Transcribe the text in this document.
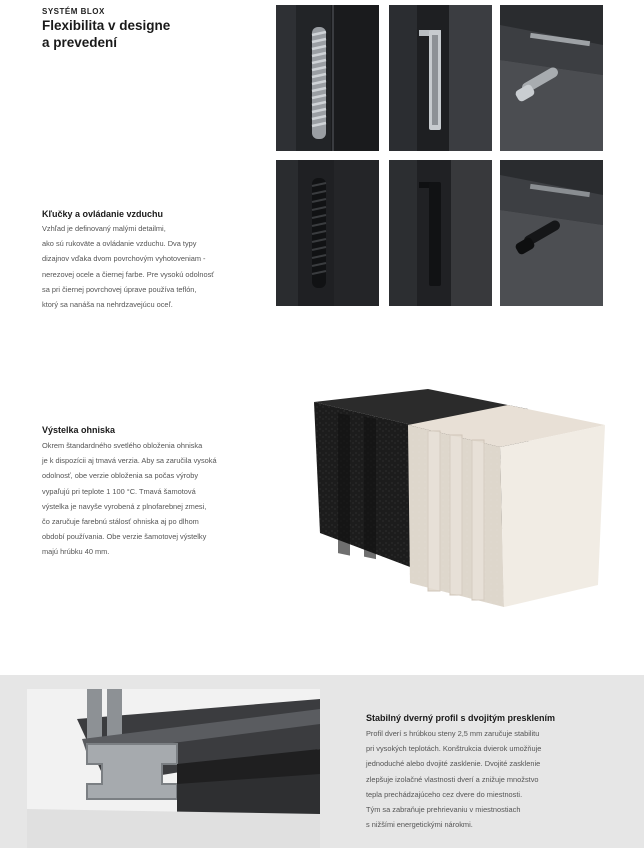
SYSTÉM BLOX
Flexibilita v designe
a prevedení
Kľučky a ovládanie vzduchu

Vzhľad je definovaný malými detailmi,

ako sú rukoväte a ovládanie vzduchu. Dva typy

dizajnov vďaka dvom povrchovým vyhotoveniam -

nerezovej ocele a čiernej farbe. Pre vysokú odolnosť

sa pri čiernej povrchovej úprave používa teflón,

ktorý sa nanáša na nehrdzavejúcu oceľ.

Výstelka ohniska

Okrem štandardného svetlého obloženia ohniska

je k dispozícii aj tmavá verzia. Aby sa zaručila vysoká

odolnosť, obe verzie obloženia sa počas výroby

vypaľujú pri teplote 1 100 °C. Tmavá šamotová

výstelka je navyše vyrobená z plnofarebnej zmesi,

čo zaručuje farebnú stálosť ohniska aj po dlhom

období používania. Obe verzie šamotovej výstelky

majú hrúbku 40 mm.

Stabilný dverný profil s dvojitým presklením

Profil dverí s hrúbkou steny 2,5 mm zaručuje stabilitu

pri vysokých teplotách. Konštrukcia dvierok umožňuje

jednoduché alebo dvojité zasklenie. Dvojité zasklenie

zlepšuje izolačné vlastnosti dverí a znižuje množstvo

tepla prechádzajúceho cez dvere do miestnosti.

Tým sa zabraňuje prehrievaniu v miestnostiach

s nižšími energetickými nárokmi.
